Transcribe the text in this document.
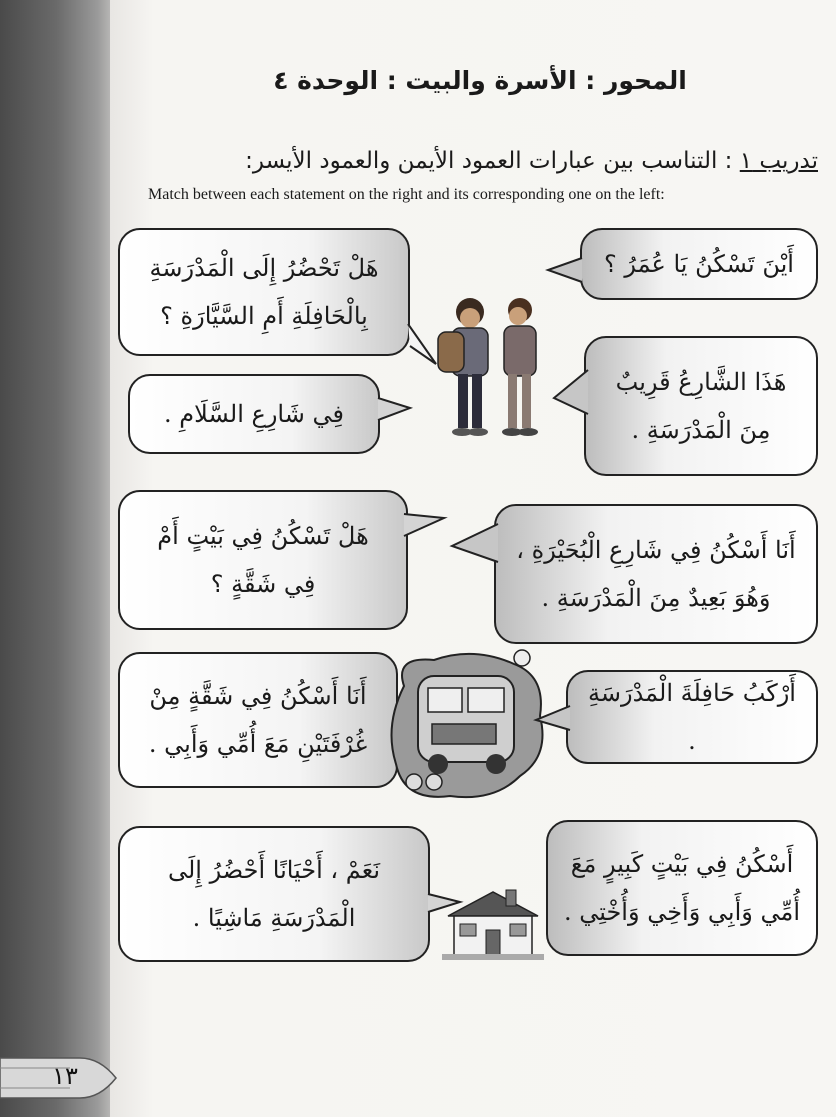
المحور : الأسرة والبيت : الوحدة ٤
تدريب ١ : التناسب بين عبارات العمود الأيمن والعمود الأيسر:
Match between each statement on the right and its corresponding one on the left:
هَلْ تَحْضُرُ إِلَى الْمَدْرَسَةِ
بِالْحَافِلَةِ أَمِ السَّيَّارَةِ ؟
أَيْنَ تَسْكُنُ يَا عُمَرُ ؟
فِي شَارِعِ السَّلَامِ .
هَذَا الشَّارِعُ قَرِيبٌ
مِنَ الْمَدْرَسَةِ .
هَلْ تَسْكُنُ فِي بَيْتٍ أَمْ
فِي شَقَّةٍ ؟
أَنَا أَسْكُنُ فِي شَارِعِ الْبُحَيْرَةِ ،
وَهُوَ بَعِيدٌ مِنَ الْمَدْرَسَةِ .
أَنَا أَسْكُنُ فِي شَقَّةٍ مِنْ
غُرْفَتَيْنِ مَعَ أُمِّي وَأَبِي .
أَرْكَبُ حَافِلَةَ الْمَدْرَسَةِ .
نَعَمْ ، أَحْيَانًا أَحْضُرُ إِلَى
الْمَدْرَسَةِ مَاشِيًا .
أَسْكُنُ فِي بَيْتٍ كَبِيرٍ مَعَ
أُمِّي وَأَبِي وَأَخِي وَأُخْتِي .
١٣
